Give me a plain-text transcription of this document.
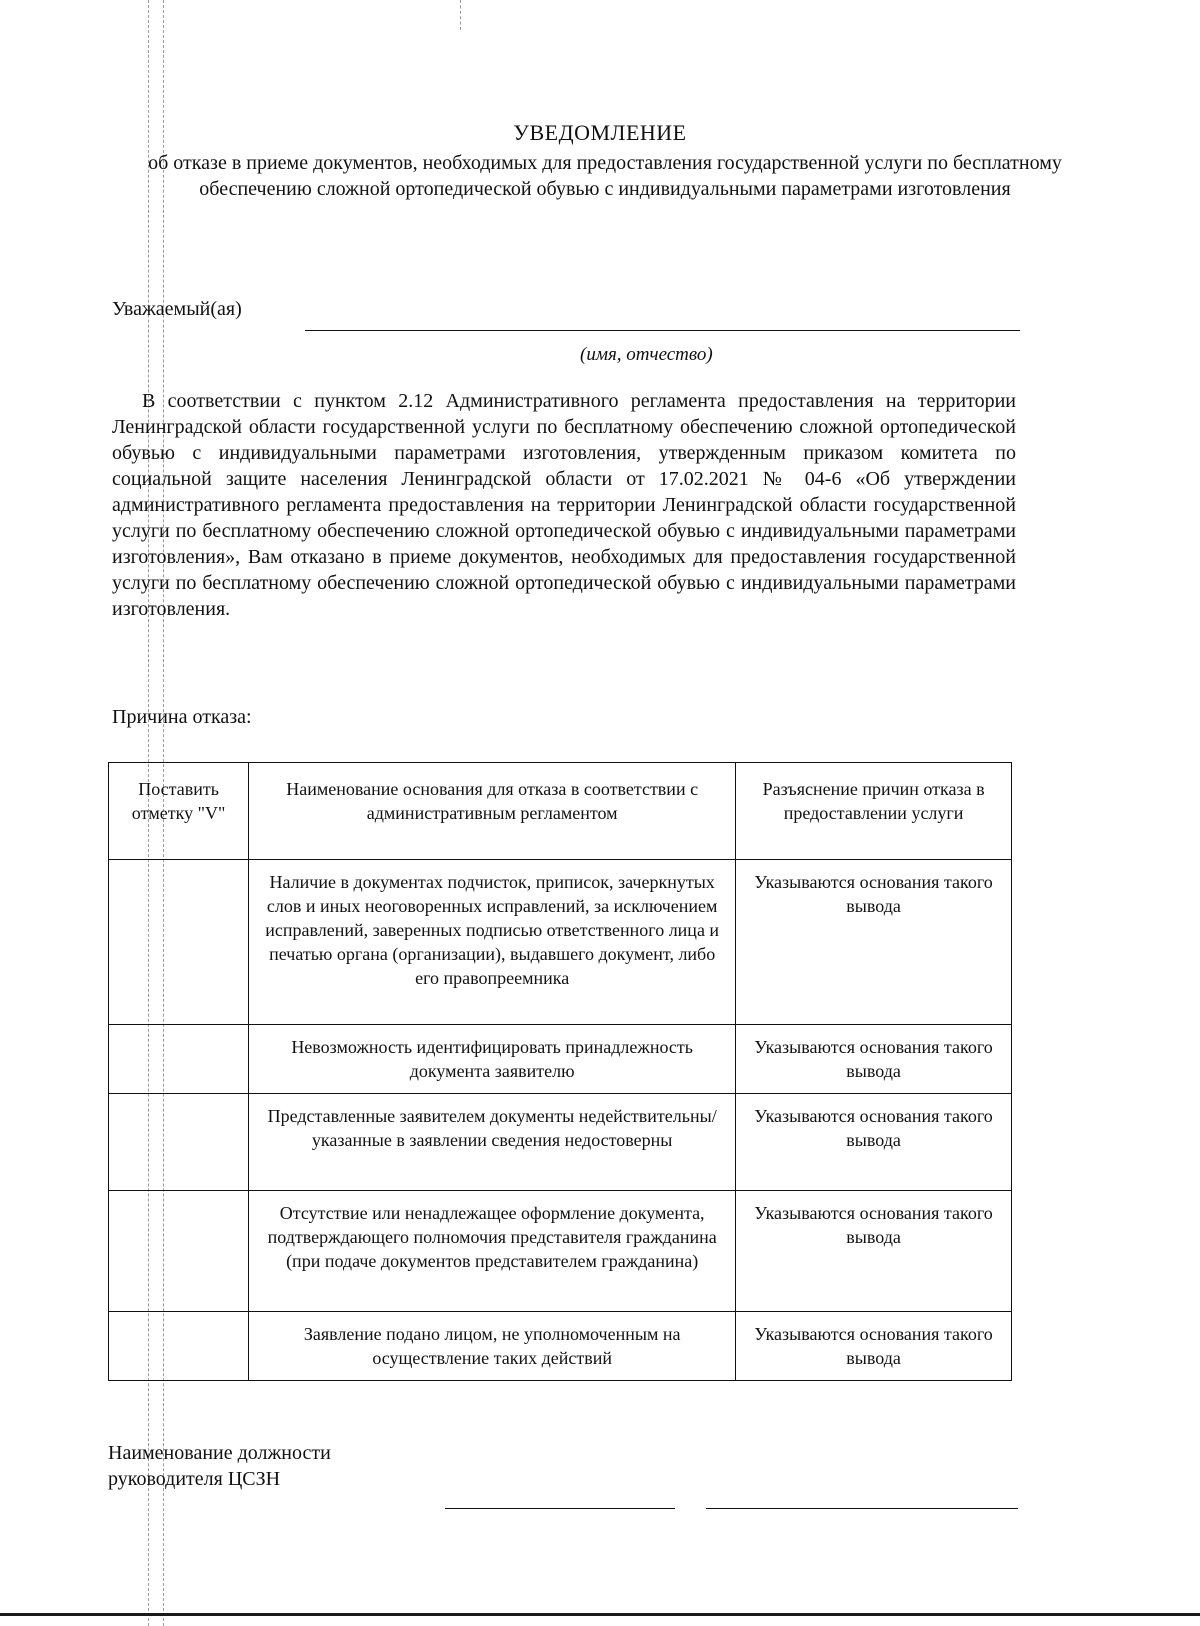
УВЕДОМЛЕНИЕ
об отказе в приеме документов, необходимых для предоставления государственной услуги по бесплатному обеспечению сложной ортопедической обувью с индивидуальными параметрами изготовления
Уважаемый(ая)
(имя, отчество)
В соответствии с пунктом 2.12 Административного регламента предоставления на территории Ленинградской области государственной услуги по бесплатному обеспечению сложной ортопедической обувью с индивидуальными параметрами изготовления, утвержденным приказом комитета по социальной защите населения Ленинградской области от 17.02.2021 № 04-6 «Об утверждении административного регламента предоставления на территории Ленинградской области государственной услуги по бесплатному обеспечению сложной ортопедической обувью с индивидуальными параметрами изготовления», Вам отказано в приеме документов, необходимых для предоставления государственной услуги по бесплатному обеспечению сложной ортопедической обувью с индивидуальными параметрами изготовления.
Причина отказа:
Поставить отметку "V"	Наименование основания для отказа в соответствии с административным регламентом	Разъяснение причин отказа в предоставлении услуги
	Наличие в документах подчисток, приписок, зачеркнутых слов и иных неоговоренных исправлений, за исключением исправлений, заверенных подписью ответственного лица и печатью органа (организации), выдавшего документ, либо его правопреемника	Указываются основания такого вывода
	Невозможность идентифицировать принадлежность документа заявителю	Указываются основания такого вывода
	Представленные заявителем документы недействительны/указанные в заявлении сведения недостоверны	Указываются основания такого вывода
	Отсутствие или ненадлежащее оформление документа, подтверждающего полномочия представителя гражданина (при подаче документов представителем гражданина)	Указываются основания такого вывода
	Заявление подано лицом, не уполномоченным на осуществление таких действий	Указываются основания такого вывода
Наименование должности
руководителя ЦСЗН
